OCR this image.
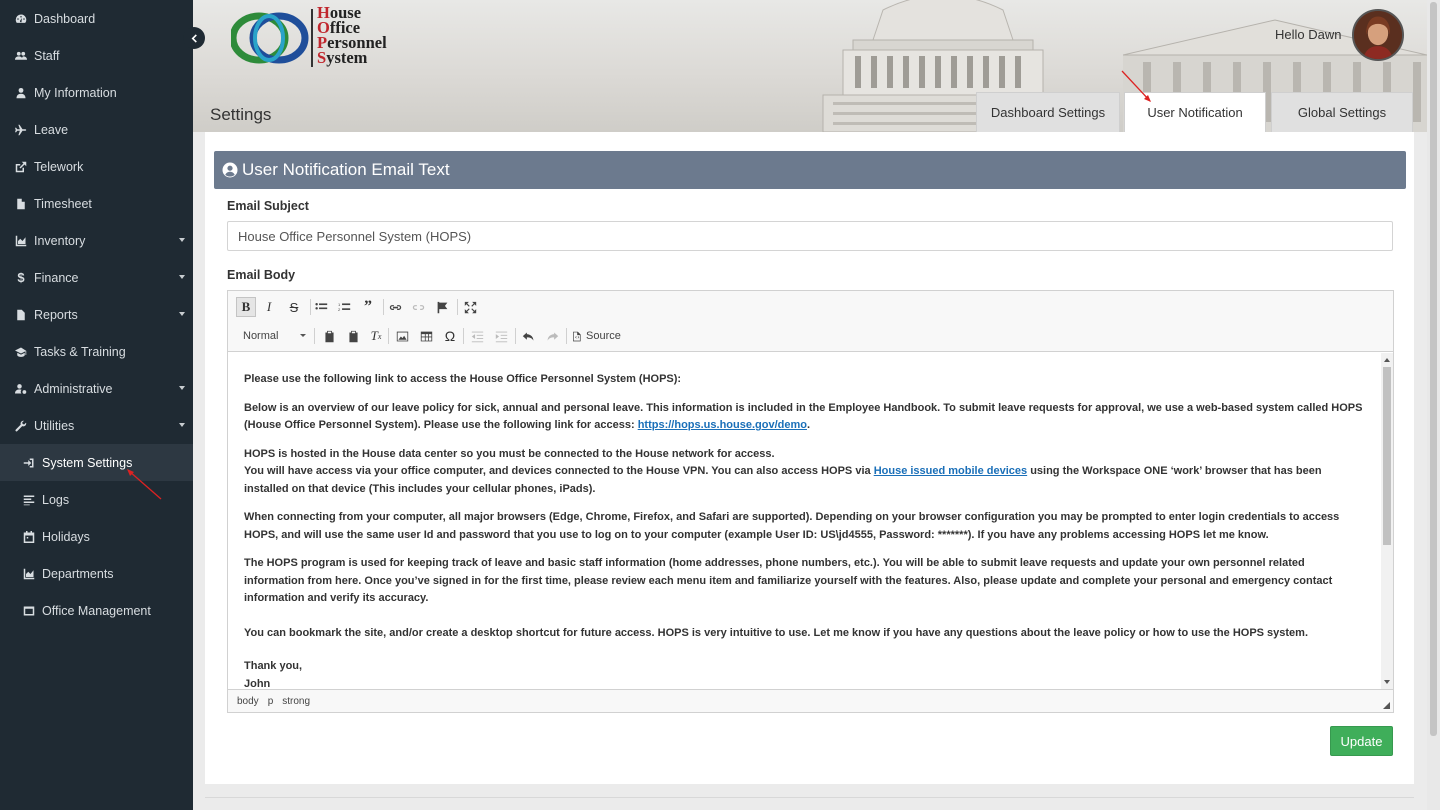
Dashboard
Staff
My Information
Leave
Telework
Timesheet
Inventory
$ Finance
Reports
Tasks & Training
Administrative
Utilities
System Settings
Logs
Holidays
Departments
Office Management
House
Office
Personnel
System
Settings
Hello Dawn
Dashboard Settings	User Notification	Global Settings
User Notification Email Text
Email Subject
House Office Personnel System (HOPS)
Email Body
B	I	S	1
2	”
Normal	T x	Ω	Source

Please use the following link to access the House Office Personnel System (HOPS):

Below is an overview of our leave policy for sick, annual and personal leave. This information is included in the Employee Handbook. To submit leave requests for approval, we use a web-based system called HOPS (House Office Personnel System). Please use the following link for access: https://hops.us.house.gov/demo.

HOPS is hosted in the House data center so you must be connected to the House network for access.
You will have access via your office computer, and devices connected to the House VPN. You can also access HOPS via House issued mobile devices using the Workspace ONE ‘work’ browser that has been installed on that device (This includes your cellular phones, iPads).

When connecting from your computer, all major browsers (Edge, Chrome, Firefox, and Safari are supported). Depending on your browser configuration you may be prompted to enter login credentials to access HOPS, and will use the same user Id and password that you use to log on to your computer (example User ID: US\jd4555, Password: *******). If you have any problems accessing HOPS let me know.

The HOPS program is used for keeping track of leave and basic staff information (home addresses, phone numbers, etc.). You will be able to submit leave requests and update your own personnel related information from here. Once you’ve signed in for the first time, please review each menu item and familiarize yourself with the features. Also, please update and complete your personal and emergency contact information and verify its accuracy.

You can bookmark the site, and/or create a desktop shortcut for future access. HOPS is very intuitive to use. Let me know if you have any questions about the leave policy or how to use the HOPS system.

Thank you,
John

body p strong
Update
